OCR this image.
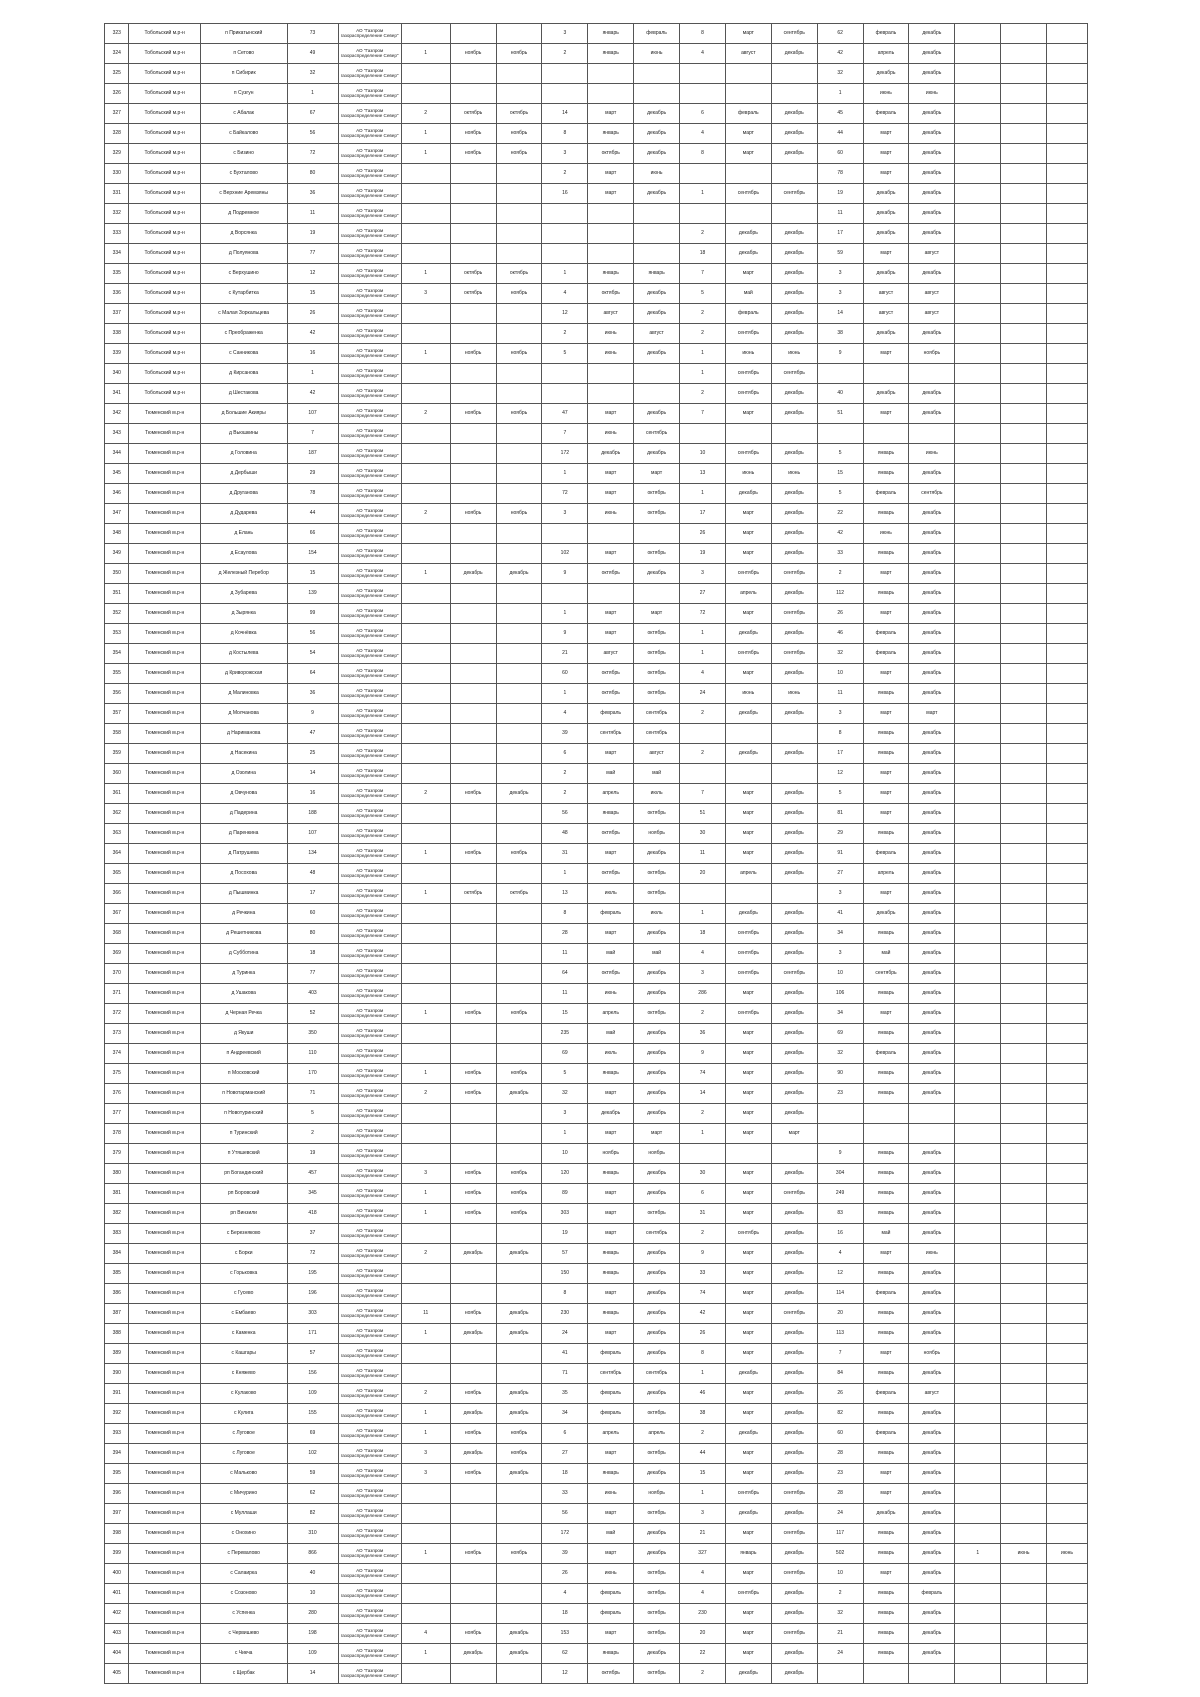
323	Тобольский м.р-н	п Прикатынский	73	АО "Газпром газораспределение Север"				3	январь	февраль	8	март	сентябрь	62	февраль	декабрь			
324	Тобольский м.р-н	п Сетово	49	АО "Газпром газораспределение Север"	1	ноябрь	ноябрь	2	январь	июнь	4	август	декабрь	42	апрель	декабрь			
325	Тобольский м.р-н	п Сибирик	32	АО "Газпром газораспределение Север"										32	декабрь	декабрь			
326	Тобольский м.р-н	п Сузгун	1	АО "Газпром газораспределение Север"										1	июнь	июнь			
327	Тобольский м.р-н	с Абалак	67	АО "Газпром газораспределение Север"	2	октябрь	октябрь	14	март	декабрь	6	февраль	декабрь	45	февраль	декабрь			
328	Тобольский м.р-н	с Байкалово	56	АО "Газпром газораспределение Север"	1	ноябрь	ноябрь	8	январь	декабрь	4	март	декабрь	44	март	декабрь			
329	Тобольский м.р-н	с Бизино	72	АО "Газпром газораспределение Север"	1	ноябрь	ноябрь	3	октябрь	декабрь	8	март	декабрь	60	март	декабрь			
330	Тобольский м.р-н	с Бухталово	80	АО "Газпром газораспределение Север"				2	март	июнь				78	март	декабрь			
331	Тобольский м.р-н	с Верхние Аремзяны	36	АО "Газпром газораспределение Север"				16	март	декабрь	1	сентябрь	сентябрь	19	декабрь	декабрь			
332	Тобольский м.р-н	д Подремное	11	АО "Газпром газораспределение Север"										11	декабрь	декабрь			
333	Тобольский м.р-н	д Ворсянка	19	АО "Газпром газораспределение Север"							2	декабрь	декабрь	17	декабрь	декабрь			
334	Тобольский м.р-н	д Полуянова	77	АО "Газпром газораспределение Север"							18	декабрь	декабрь	59	март	август			
335	Тобольский м.р-н	с Верхушино	12	АО "Газпром газораспределение Север"	1	октябрь	октябрь	1	январь	январь	7	март	декабрь	3	декабрь	декабрь			
336	Тобольский м.р-н	с Кутарбитка	15	АО "Газпром газораспределение Север"	3	октябрь	ноябрь	4	октябрь	декабрь	5	май	декабрь	3	август	август			
337	Тобольский м.р-н	с Малая Зоркальцева	26	АО "Газпром газораспределение Север"				12	август	декабрь	2	февраль	декабрь	14	август	август			
338	Тобольский м.р-н	с Преображенка	42	АО "Газпром газораспределение Север"				2	июнь	август	2	сентябрь	декабрь	38	декабрь	декабрь			
339	Тобольский м.р-н	с Санникова	16	АО "Газпром газораспределение Север"	1	ноябрь	ноябрь	5	июнь	декабрь	1	июнь	июнь	9	март	ноябрь			
340	Тобольский м.р-н	д Кирсанова	1	АО "Газпром газораспределение Север"							1	сентябрь	сентябрь						
341	Тобольский м.р-н	д Шестакова	42	АО "Газпром газораспределение Север"							2	сентябрь	декабрь	40	декабрь	декабрь			
342	Тюменский м.р-н	д Большие Акияры	107	АО "Газпром газораспределение Север"	2	ноябрь	ноябрь	47	март	декабрь	7	март	декабрь	51	март	декабрь			
343	Тюменский м.р-н	д Вьюшкины	7	АО "Газпром газораспределение Север"				7	июнь	сентябрь									
344	Тюменский м.р-н	д Головина	187	АО "Газпром газораспределение Север"				172	декабрь	декабрь	10	сентябрь	декабрь	5	январь	июнь			
345	Тюменский м.р-н	д Дербыши	29	АО "Газпром газораспределение Север"				1	март	март	13	июнь	июнь	15	январь	декабрь			
346	Тюменский м.р-н	д Друганова	78	АО "Газпром газораспределение Север"				72	март	октябрь	1	декабрь	декабрь	5	февраль	сентябрь			
347	Тюменский м.р-н	д Дударева	44	АО "Газпром газораспределение Север"	2	ноябрь	ноябрь	3	июнь	октябрь	17	март	декабрь	22	январь	декабрь			
348	Тюменский м.р-н	д Елань	66	АО "Газпром газораспределение Север"							26	март	декабрь	42	июнь	декабрь			
349	Тюменский м.р-н	д Есаулова	154	АО "Газпром газораспределение Север"				102	март	октябрь	19	март	декабрь	33	январь	декабрь			
350	Тюменский м.р-н	д Железный Перебор	15	АО "Газпром газораспределение Север"	1	декабрь	декабрь	9	октябрь	декабрь	3	сентябрь	сентябрь	2	март	декабрь			
351	Тюменский м.р-н	д Зубарева	139	АО "Газпром газораспределение Север"							27	апрель	декабрь	112	январь	декабрь			
352	Тюменский м.р-н	д Зырянка	99	АО "Газпром газораспределение Север"				1	март	март	72	март	сентябрь	26	март	декабрь			
353	Тюменский м.р-н	д Кочнёвка	56	АО "Газпром газораспределение Север"				9	март	октябрь	1	декабрь	декабрь	46	февраль	декабрь			
354	Тюменский м.р-н	д Костылева	54	АО "Газпром газораспределение Север"				21	август	октябрь	1	сентябрь	сентябрь	32	февраль	декабрь			
355	Тюменский м.р-н	д Криворожская	64	АО "Газпром газораспределение Север"				60	октябрь	октябрь	4	март	декабрь	10	март	декабрь			
356	Тюменский м.р-н	д Малиновка	36	АО "Газпром газораспределение Север"				1	октябрь	октябрь	24	июнь	июнь	11	январь	декабрь			
357	Тюменский м.р-н	д Молчанова	9	АО "Газпром газораспределение Север"				4	февраль	сентябрь	2	декабрь	декабрь	3	март	март			
358	Тюменский м.р-н	д Нариманова	47	АО "Газпром газораспределение Север"				39	сентябрь	сентябрь				8	январь	декабрь			
359	Тюменский м.р-н	д Насекина	25	АО "Газпром газораспределение Север"				6	март	август	2	декабрь	декабрь	17	январь	декабрь			
360	Тюменский м.р-н	д Озолина	14	АО "Газпром газораспределение Север"				2	май	май				12	март	декабрь			
361	Тюменский м.р-н	д Овчунова	16	АО "Газпром газораспределение Север"	2	ноябрь	декабрь	2	апрель	июль	7	март	декабрь	5	март	декабрь			
362	Тюменский м.р-н	д Падерина	188	АО "Газпром газораспределение Север"				56	январь	октябрь	51	март	декабрь	81	март	декабрь			
363	Тюменский м.р-н	д Паренкина	107	АО "Газпром газораспределение Север"				48	октябрь	ноябрь	30	март	декабрь	29	январь	декабрь			
364	Тюменский м.р-н	д Патрушева	134	АО "Газпром газораспределение Север"	1	ноябрь	ноябрь	31	март	декабрь	11	март	декабрь	91	февраль	декабрь			
365	Тюменский м.р-н	д Посохова	48	АО "Газпром газораспределение Север"				1	октябрь	октябрь	20	апрель	декабрь	27	апрель	декабрь			
366	Тюменский м.р-н	д Пышминка	17	АО "Газпром газораспределение Север"	1	октябрь	октябрь	13	июль	октябрь				3	март	декабрь			
367	Тюменский м.р-н	д Речкина	60	АО "Газпром газораспределение Север"				8	февраль	июль	1	декабрь	декабрь	41	декабрь	декабрь			
368	Тюменский м.р-н	д Решетникова	80	АО "Газпром газораспределение Север"				28	март	декабрь	18	сентябрь	декабрь	34	январь	декабрь			
369	Тюменский м.р-н	д Субботина	18	АО "Газпром газораспределение Север"				11	май	май	4	сентябрь	декабрь	3	май	декабрь			
370	Тюменский м.р-н	д Туринка	77	АО "Газпром газораспределение Север"				64	октябрь	декабрь	3	сентябрь	сентябрь	10	сентябрь	декабрь			
371	Тюменский м.р-н	д Ушакова	403	АО "Газпром газораспределение Север"				11	июнь	декабрь	286	март	декабрь	106	январь	декабрь			
372	Тюменский м.р-н	д Черная Речка	52	АО "Газпром газораспределение Север"	1	ноябрь	ноябрь	15	апрель	октябрь	2	сентябрь	декабрь	34	март	декабрь			
373	Тюменский м.р-н	д Якуши	350	АО "Газпром газораспределение Север"				235	май	декабрь	36	март	декабрь	69	январь	декабрь			
374	Тюменский м.р-н	п Андреевский	110	АО "Газпром газораспределение Север"				69	июль	декабрь	9	март	декабрь	32	февраль	декабрь			
375	Тюменский м.р-н	п Московский	170	АО "Газпром газораспределение Север"	1	ноябрь	ноябрь	5	январь	декабрь	74	март	декабрь	90	январь	декабрь			
376	Тюменский м.р-н	п Новотарманский	71	АО "Газпром газораспределение Север"	2	ноябрь	декабрь	32	март	декабрь	14	март	декабрь	23	январь	декабрь			
377	Тюменский м.р-н	п Новотуринский	5	АО "Газпром газораспределение Север"				3	декабрь	декабрь	2	март	декабрь						
378	Тюменский м.р-н	п Туринский	2	АО "Газпром газораспределение Север"				1	март	март	1	март	март						
379	Тюменский м.р-н	п Утяшевский	19	АО "Газпром газораспределение Север"				10	ноябрь	ноябрь				9	январь	декабрь			
380	Тюменский м.р-н	рп Богандинский	457	АО "Газпром газораспределение Север"	3	ноябрь	ноябрь	120	январь	декабрь	30	март	декабрь	304	январь	декабрь			
381	Тюменский м.р-н	рп Боровский	345	АО "Газпром газораспределение Север"	1	ноябрь	ноябрь	89	март	декабрь	6	март	сентябрь	249	январь	декабрь			
382	Тюменский м.р-н	рп Винзили	418	АО "Газпром газораспределение Север"	1	ноябрь	ноябрь	303	март	октябрь	31	март	декабрь	83	январь	декабрь			
383	Тюменский м.р-н	с Березняково	37	АО "Газпром газораспределение Север"				19	март	сентябрь	2	сентябрь	декабрь	16	май	декабрь			
384	Тюменский м.р-н	с Борки	72	АО "Газпром газораспределение Север"	2	декабрь	декабрь	57	январь	декабрь	9	март	декабрь	4	март	июнь			
385	Тюменский м.р-н	с Горьковка	195	АО "Газпром газораспределение Север"				150	январь	декабрь	33	март	декабрь	12	январь	декабрь			
386	Тюменский м.р-н	с Гусево	196	АО "Газпром газораспределение Север"				8	март	декабрь	74	март	декабрь	114	февраль	декабрь			
387	Тюменский м.р-н	с Ембаево	303	АО "Газпром газораспределение Север"	11	ноябрь	декабрь	230	январь	декабрь	42	март	сентябрь	20	январь	декабрь			
388	Тюменский м.р-н	с Каменка	171	АО "Газпром газораспределение Север"	1	декабрь	декабрь	24	март	декабрь	26	март	декабрь	113	январь	декабрь			
389	Тюменский м.р-н	с Кашгары	57	АО "Газпром газораспределение Север"				41	февраль	декабрь	8	март	декабрь	7	март	ноябрь			
390	Тюменский м.р-н	с Княжево	156	АО "Газпром газораспределение Север"				71	сентябрь	сентябрь	1	декабрь	декабрь	84	январь	декабрь			
391	Тюменский м.р-н	с Кулаково	109	АО "Газпром газораспределение Север"	2	ноябрь	декабрь	35	февраль	декабрь	46	март	декабрь	26	февраль	август			
392	Тюменский м.р-н	с Кулига	155	АО "Газпром газораспределение Север"	1	декабрь	декабрь	34	февраль	октябрь	38	март	декабрь	82	январь	декабрь			
393	Тюменский м.р-н	с Луговое	69	АО "Газпром газораспределение Север"	1	ноябрь	ноябрь	6	апрель	апрель	2	декабрь	декабрь	60	февраль	декабрь			
394	Тюменский м.р-н	с Луговое	102	АО "Газпром газораспределение Север"	3	декабрь	ноябрь	27	март	октябрь	44	март	декабрь	28	январь	декабрь			
395	Тюменский м.р-н	с Мальково	59	АО "Газпром газораспределение Север"	3	ноябрь	декабрь	18	январь	декабрь	15	март	декабрь	23	март	декабрь			
396	Тюменский м.р-н	с Мичурино	62	АО "Газпром газораспределение Север"				33	июнь	ноябрь	1	сентябрь	сентябрь	28	март	декабрь			
397	Тюменский м.р-н	с Муллаши	82	АО "Газпром газораспределение Север"				56	март	октябрь	3	декабрь	декабрь	24	декабрь	декабрь			
398	Тюменский м.р-н	с Онохино	310	АО "Газпром газораспределение Север"				172	май	декабрь	21	март	сентябрь	117	январь	декабрь			
399	Тюменский м.р-н	с Переваловo	866	АО "Газпром газораспределение Север"	1	ноябрь	ноябрь	39	март	декабрь	327	январь	декабрь	502	январь	декабрь	1	июнь	июнь
400	Тюменский м.р-н	с Салаирка	40	АО "Газпром газораспределение Север"				26	июнь	октябрь	4	март	сентябрь	10	март	декабрь			
401	Тюменский м.р-н	с Созоново	10	АО "Газпром газораспределение Север"				4	февраль	октябрь	4	сентябрь	декабрь	2	январь	февраль			
402	Тюменский м.р-н	с Успенка	280	АО "Газпром газораспределение Север"				18	февраль	октябрь	230	март	декабрь	32	январь	декабрь			
403	Тюменский м.р-н	с Червишево	198	АО "Газпром газораспределение Север"	4	ноябрь	декабрь	153	март	октябрь	20	март	сентябрь	21	январь	декабрь			
404	Тюменский м.р-н	с Чикча	109	АО "Газпром газораспределение Север"	1	декабрь	декабрь	62	январь	декабрь	22	март	декабрь	24	январь	декабрь			
405	Тюменский м.р-н	с Щербак	14	АО "Газпром газораспределение Север"				12	октябрь	октябрь	2	декабрь	декабрь						
